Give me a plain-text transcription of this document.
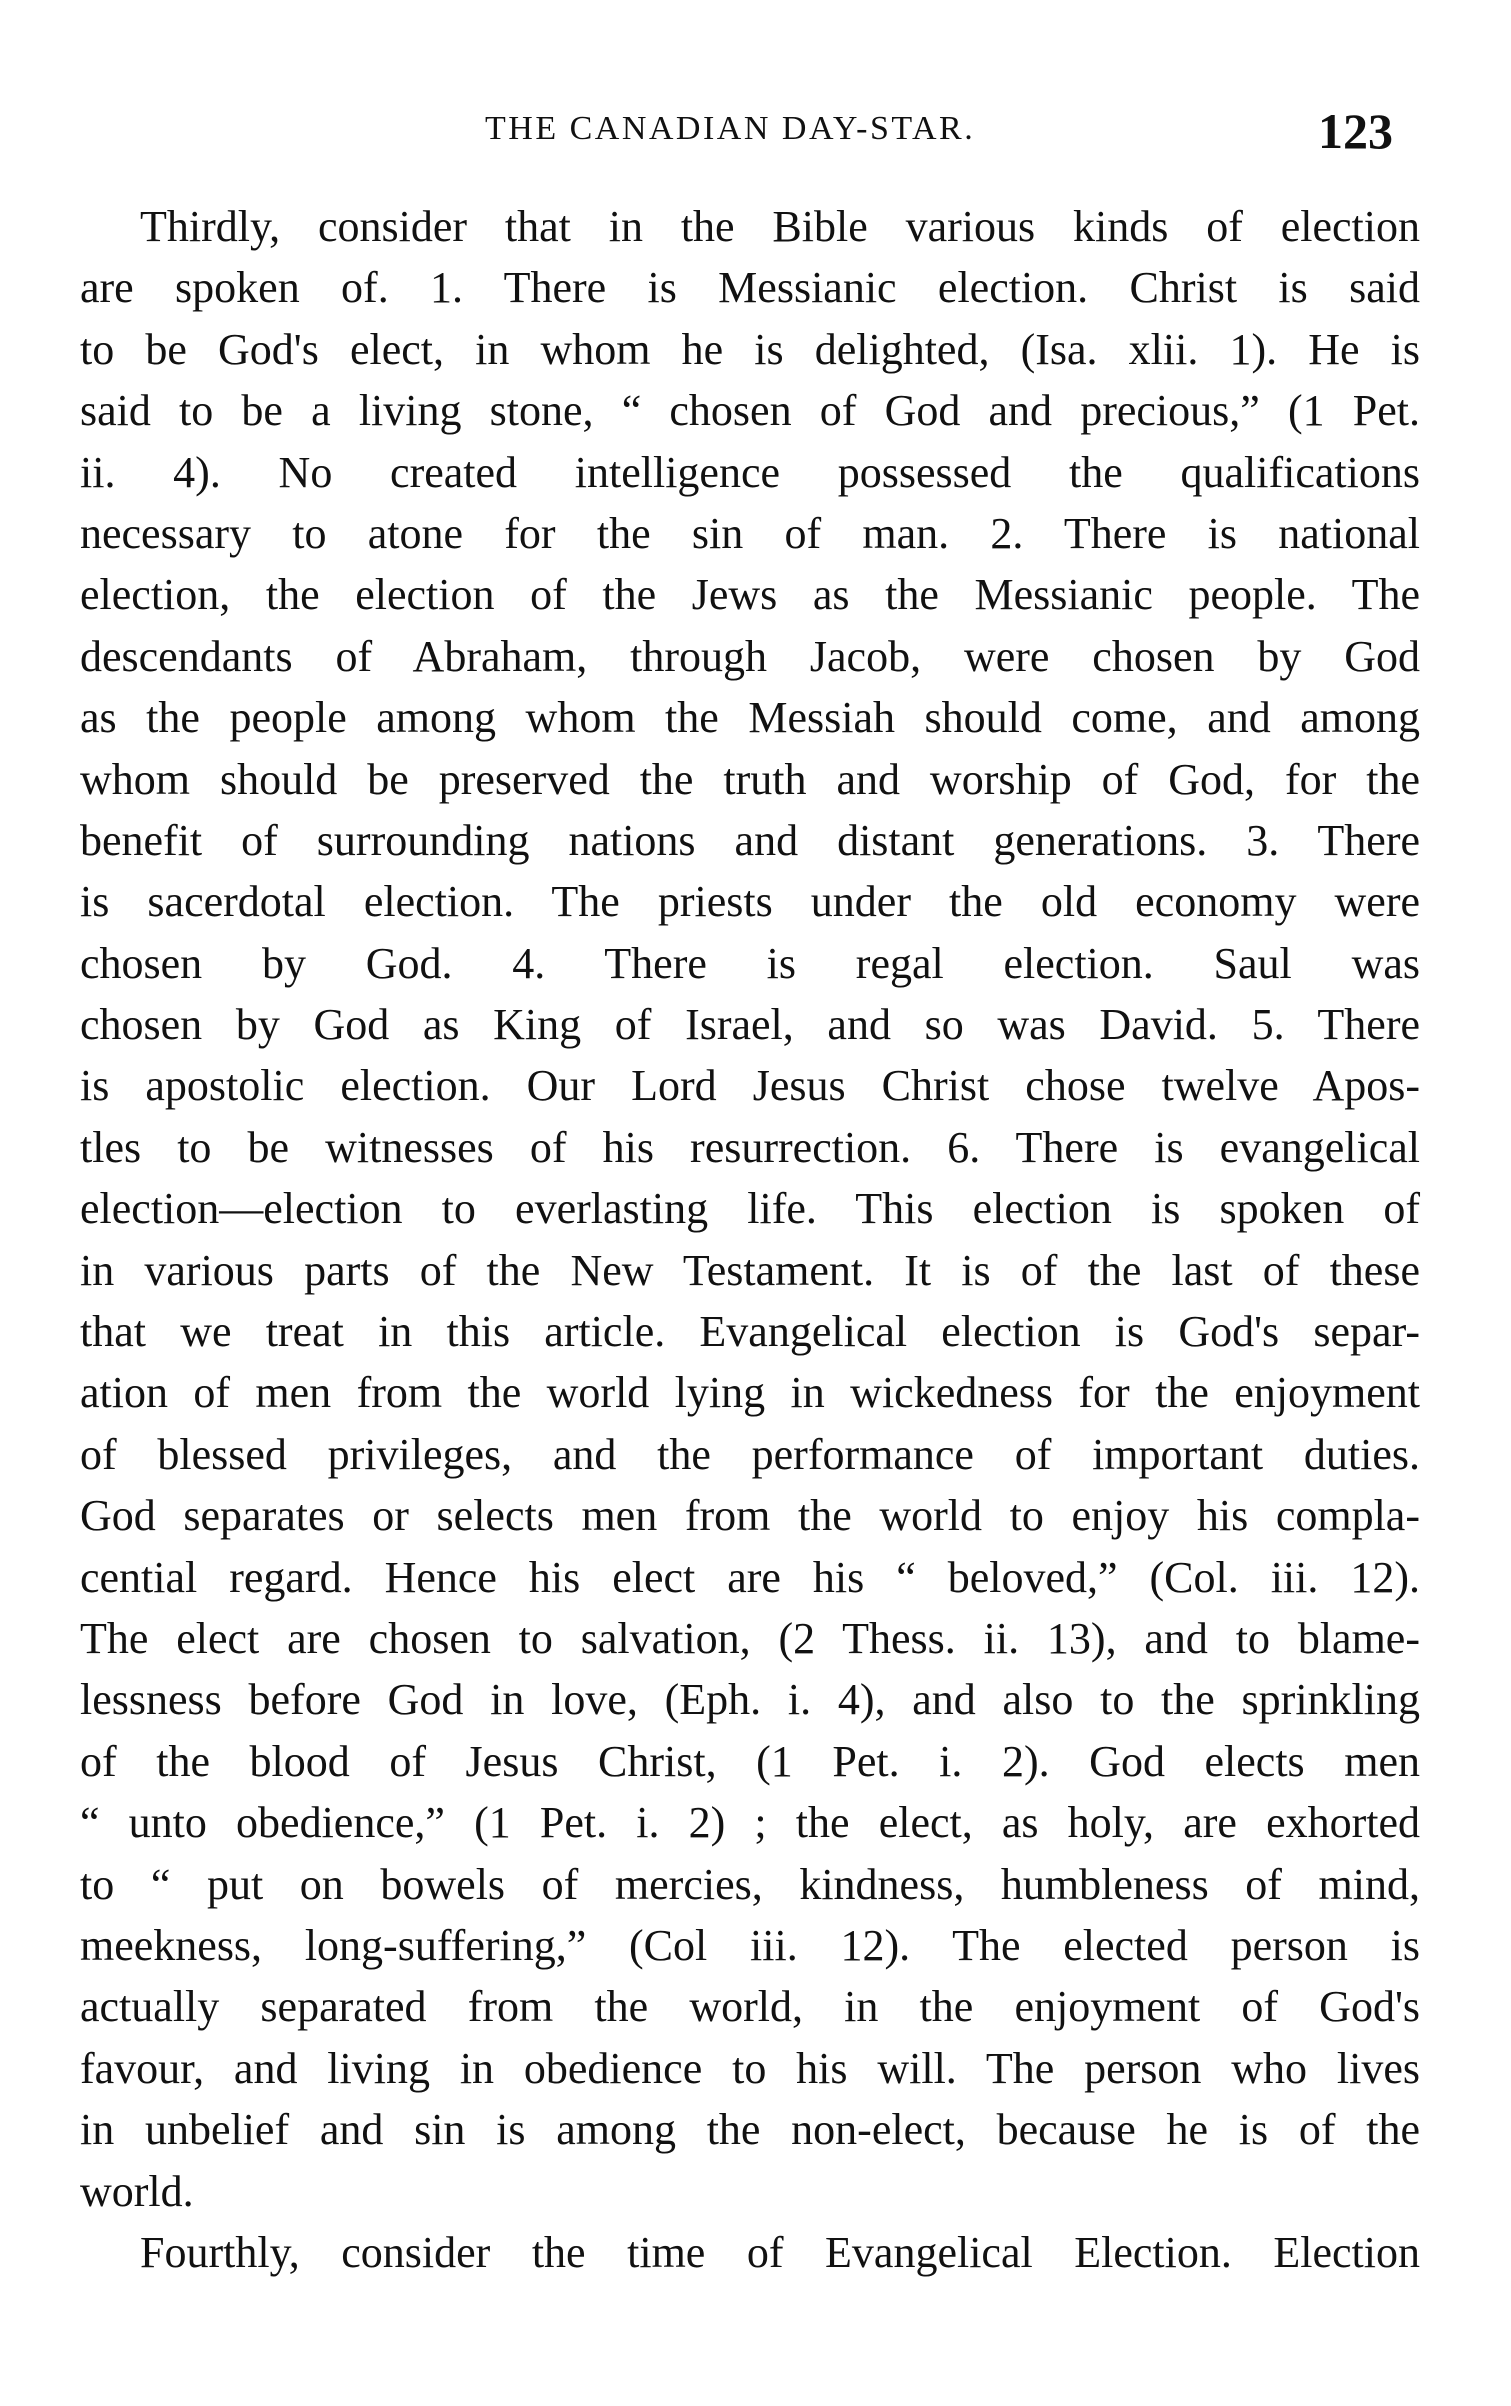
THE CANADIAN DAY-STAR.	123
Thirdly, consider that in the Bible various kinds of election
are spoken of. 1. There is Messianic election. Christ is said
to be God's elect, in whom he is delighted, (Isa. xlii. 1). He is
said to be a living stone, “ chosen of God and precious,” (1 Pet.
ii. 4). No created intelligence possessed the qualifications
necessary to atone for the sin of man. 2. There is national
election, the election of the Jews as the Messianic people. The
descendants of Abraham, through Jacob, were chosen by God
as the people among whom the Messiah should come, and among
whom should be preserved the truth and worship of God, for the
benefit of surrounding nations and distant generations. 3. There
is sacerdotal election. The priests under the old economy were
chosen by God. 4. There is regal election. Saul was
chosen by God as King of Israel, and so was David. 5. There
is apostolic election. Our Lord Jesus Christ chose twelve Apos-
tles to be witnesses of his resurrection. 6. There is evangelical
election—election to everlasting life. This election is spoken of
in various parts of the New Testament. It is of the last of these
that we treat in this article. Evangelical election is God's separ-
ation of men from the world lying in wickedness for the enjoyment
of blessed privileges, and the performance of important duties.
God separates or selects men from the world to enjoy his compla-
cential regard. Hence his elect are his “ beloved,” (Col. iii. 12).
The elect are chosen to salvation, (2 Thess. ii. 13), and to blame-
lessness before God in love, (Eph. i. 4), and also to the sprinkling
of the blood of Jesus Christ, (1 Pet. i. 2). God elects men
“ unto obedience,” (1 Pet. i. 2) ; the elect, as holy, are exhorted
to “ put on bowels of mercies, kindness, humbleness of mind,
meekness, long-suffering,” (Col iii. 12). The elected person is
actually separated from the world, in the enjoyment of God's
favour, and living in obedience to his will. The person who lives
in unbelief and sin is among the non-elect, because he is of the
world.
Fourthly, consider the time of Evangelical Election. Election
